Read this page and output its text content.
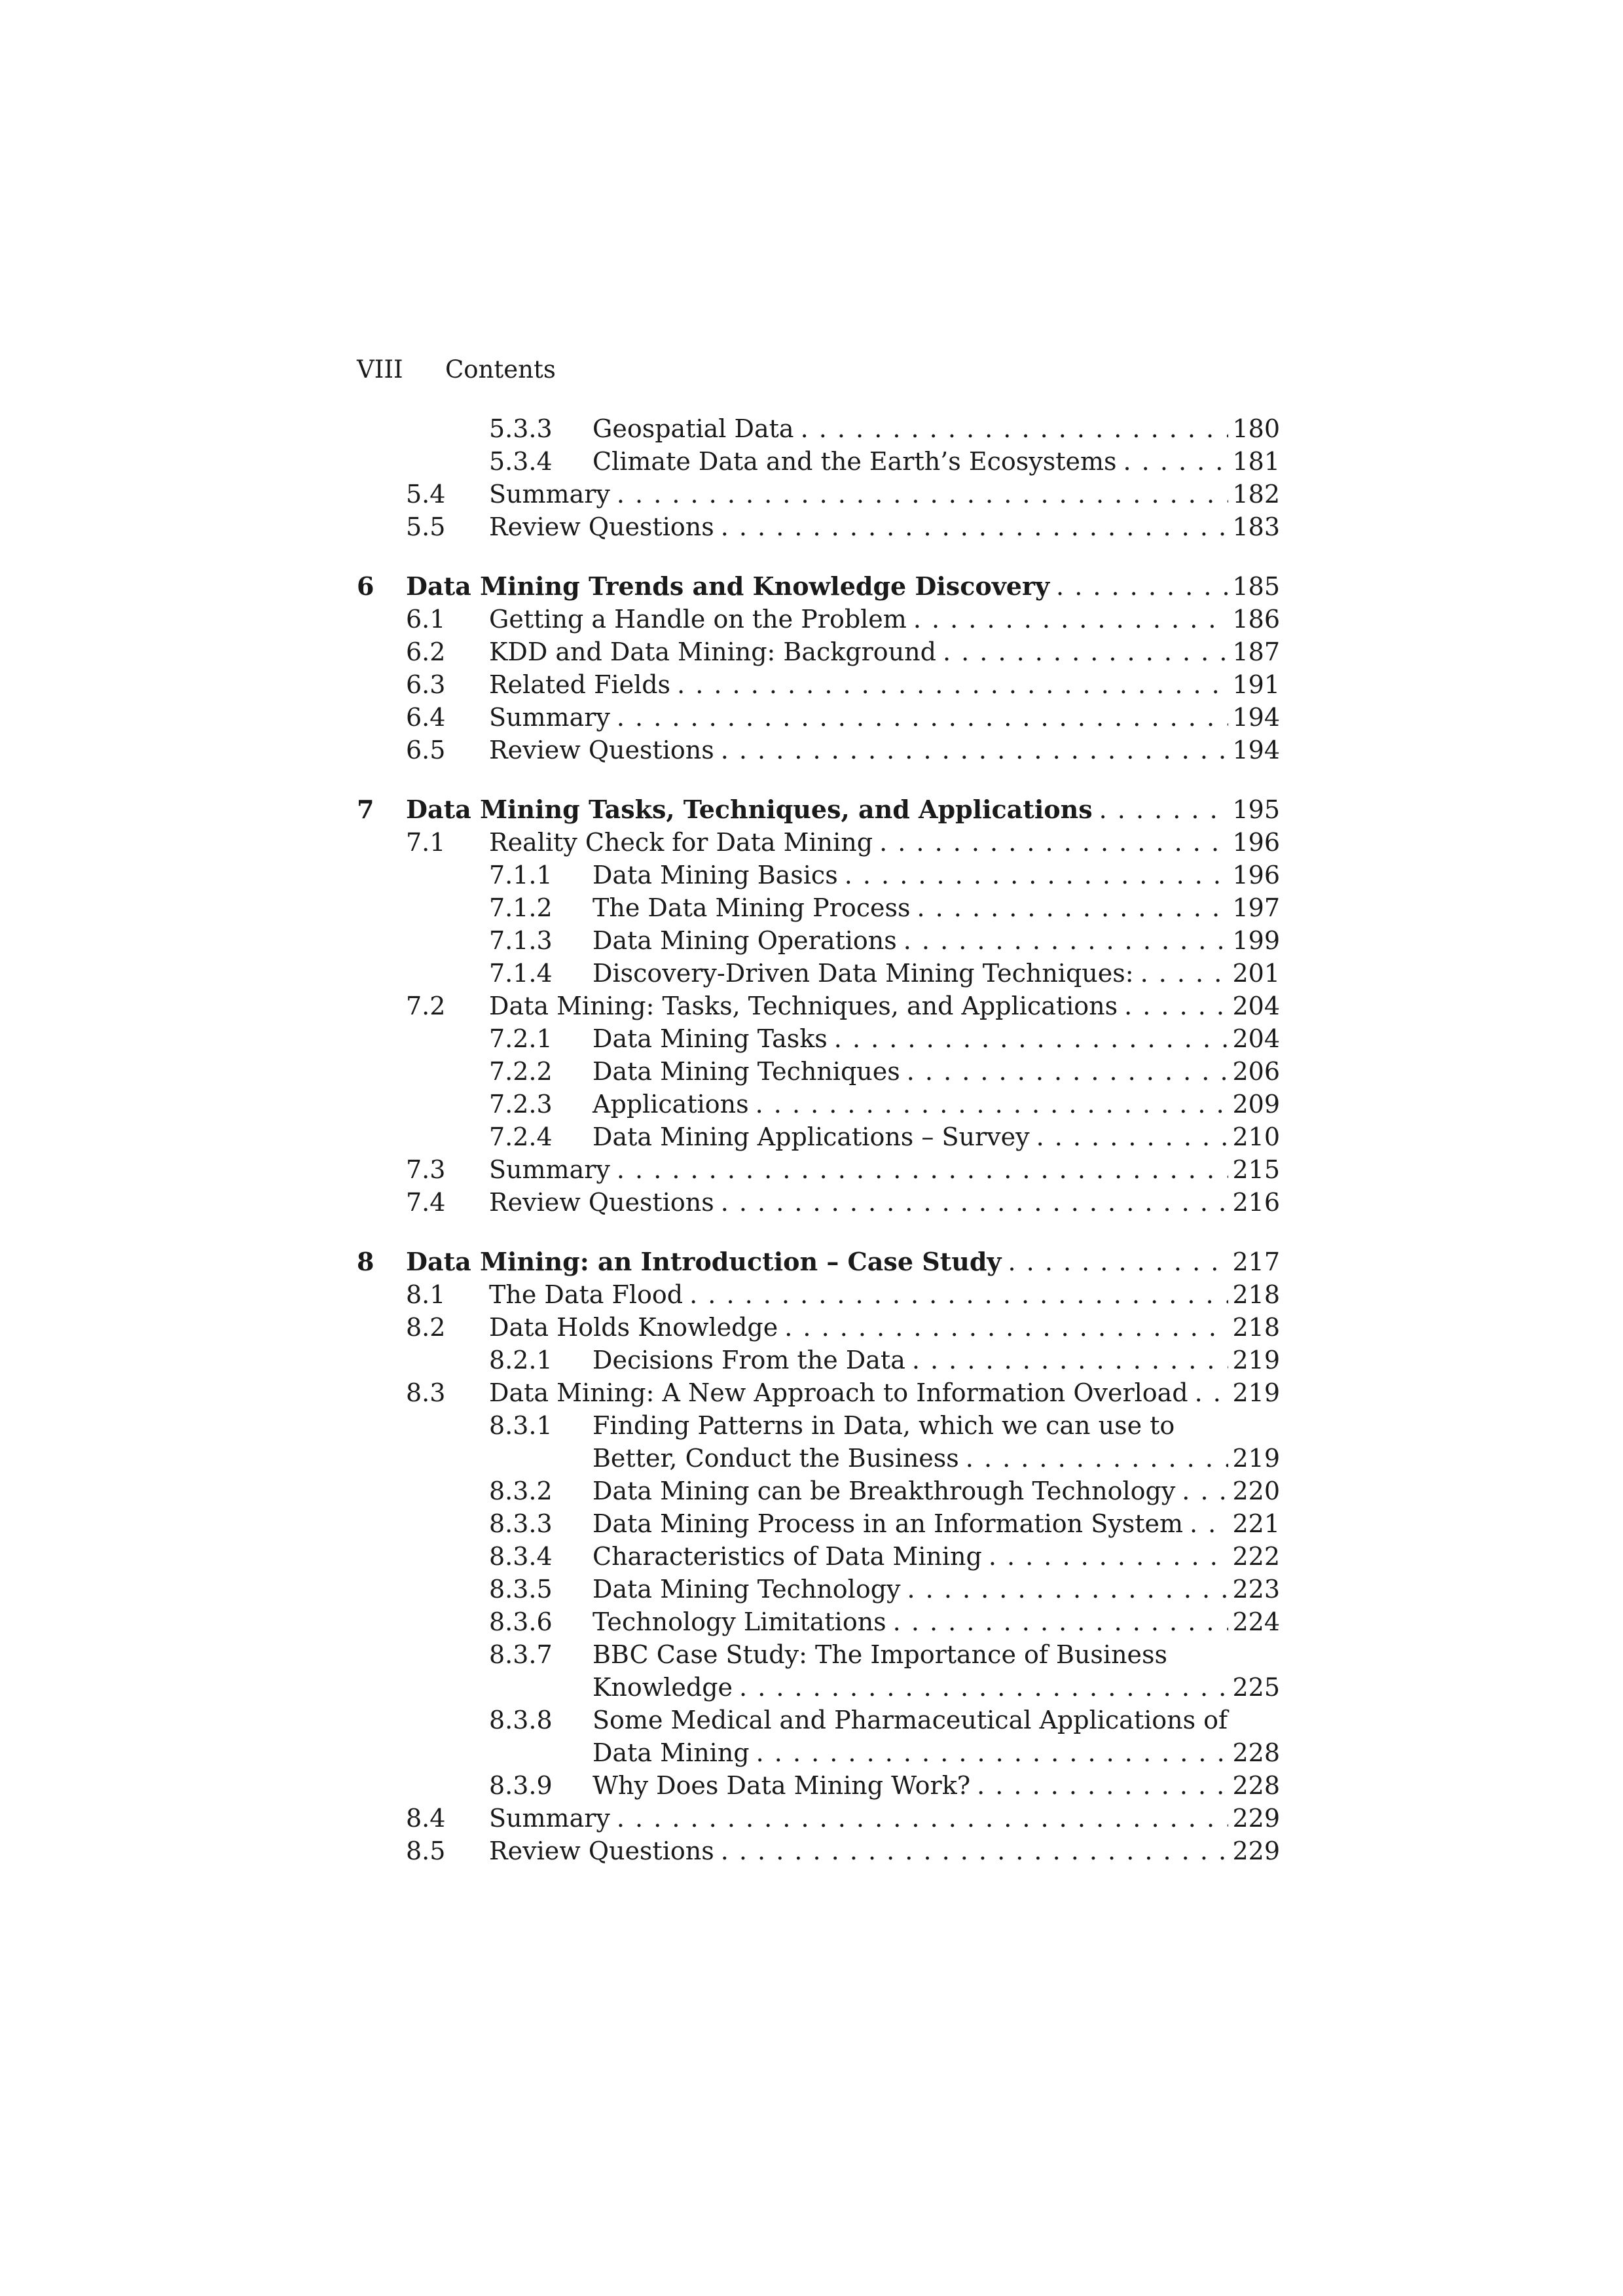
VIII Contents
5.3.3	Geospatial Data . . .	180
5.3.4	Climate Data and the Earth’s Ecosystems . . .	181
5.4	Summary . . .	182
5.5	Review Questions . . .	183
6	Data Mining Trends and Knowledge Discovery . . .	185
6.1	Getting a Handle on the Problem . . .	186
6.2	KDD and Data Mining: Background . . .	187
6.3	Related Fields . . .	191
6.4	Summary . . .	194
6.5	Review Questions . . .	194
7	Data Mining Tasks, Techniques, and Applications . . .	195
7.1	Reality Check for Data Mining . . .	196
7.1.1	Data Mining Basics . . .	196
7.1.2	The Data Mining Process . . .	197
7.1.3	Data Mining Operations . . .	199
7.1.4	Discovery-Driven Data Mining Techniques: . . .	201
7.2	Data Mining: Tasks, Techniques, and Applications . . .	204
7.2.1	Data Mining Tasks . . .	204
7.2.2	Data Mining Techniques . . .	206
7.2.3	Applications . . .	209
7.2.4	Data Mining Applications – Survey . . .	210
7.3	Summary . . .	215
7.4	Review Questions . . .	216
8	Data Mining: an Introduction – Case Study . . .	217
8.1	The Data Flood . . .	218
8.2	Data Holds Knowledge . . .	218
8.2.1	Decisions From the Data . . .	219
8.3	Data Mining: A New Approach to Information Overload . . . 219
8.3.1	Finding Patterns in Data, which we can use to
Better, Conduct the Business . . .	219
8.3.2	Data Mining can be Breakthrough Technology . . . 220
8.3.3	Data Mining Process in an Information System . . . 221
8.3.4	Characteristics of Data Mining . . .	222
8.3.5	Data Mining Technology . . .	223
8.3.6	Technology Limitations . . .	224
8.3.7	BBC Case Study: The Importance of Business
Knowledge . . .	225
8.3.8	Some Medical and Pharmaceutical Applications of
Data Mining . . .	228
8.3.9	Why Does Data Mining Work? . . .	228
8.4	Summary . . .	229
8.5	Review Questions . . .	229
